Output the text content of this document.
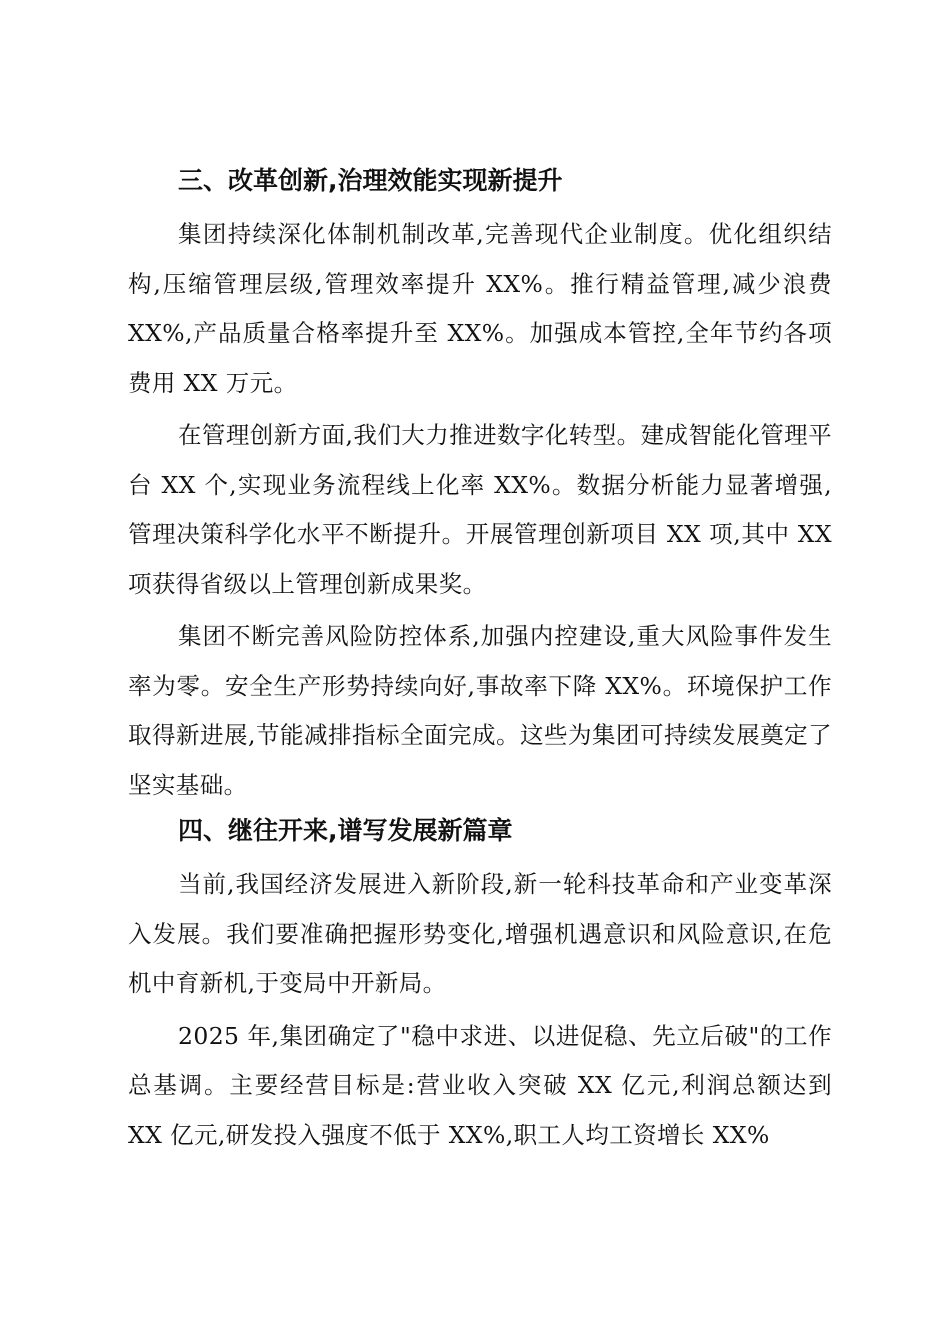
三、改革创新,治理效能实现新提升

集团持续深化体制机制改革,完善现代企业制度。优化组织结构,压缩管理层级,管理效率提升 XX%。推行精益管理,减少浪费 XX%,产品质量合格率提升至 XX%。加强成本管控,全年节约各项费用 XX 万元。

在管理创新方面,我们大力推进数字化转型。建成智能化管理平台 XX 个,实现业务流程线上化率 XX%。数据分析能力显著增强,管理决策科学化水平不断提升。开展管理创新项目 XX 项,其中 XX 项获得省级以上管理创新成果奖。

集团不断完善风险防控体系,加强内控建设,重大风险事件发生率为零。安全生产形势持续向好,事故率下降 XX%。环境保护工作取得新进展,节能减排指标全面完成。这些为集团可持续发展奠定了坚实基础。

四、继往开来,谱写发展新篇章

当前,我国经济发展进入新阶段,新一轮科技革命和产业变革深入发展。我们要准确把握形势变化,增强机遇意识和风险意识,在危机中育新机,于变局中开新局。

2025 年,集团确定了"稳中求进、以进促稳、先立后破"的工作总基调。主要经营目标是:营业收入突破 XX 亿元,利润总额达到 XX 亿元,研发投入强度不低于 XX%,职工人均工资增长 XX%
